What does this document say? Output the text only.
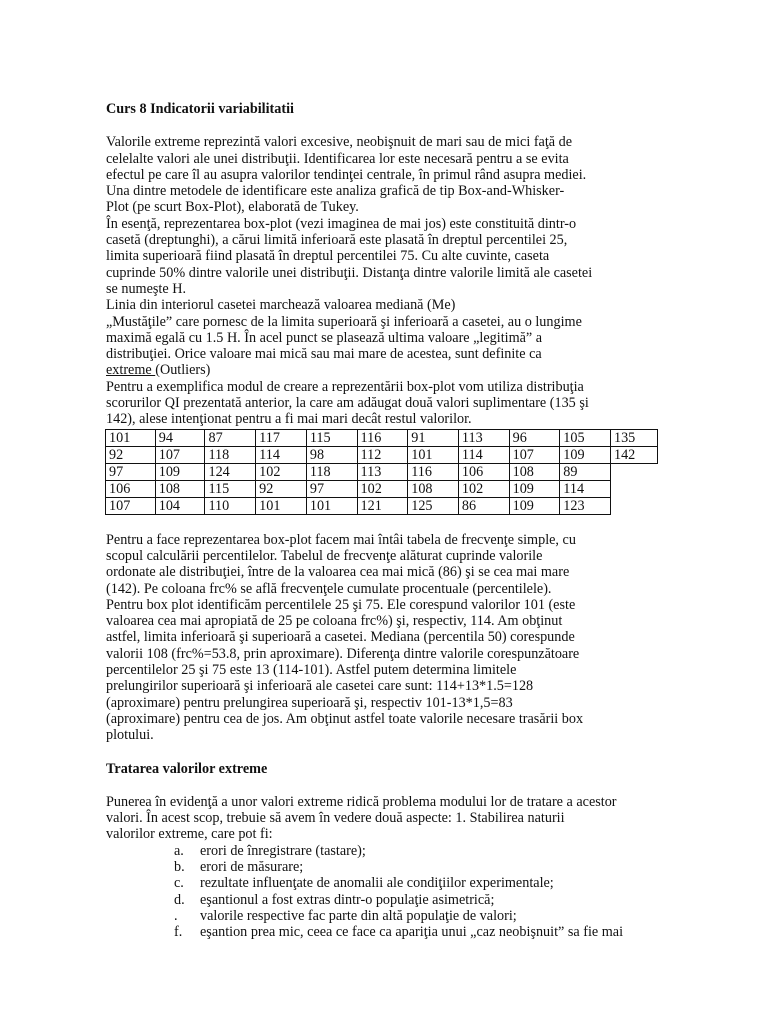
Curs 8 Indicatorii variabilitatii

Valorile extreme reprezintă valori excesive, neobişnuit de mari sau de mici faţă de

celelalte valori ale unei distribuţii. Identificarea lor este necesară pentru a se evita

efectul pe care îl au asupra valorilor tendinţei centrale, în primul rând asupra mediei.

Una dintre metodele de identificare este analiza grafică de tip Box-and-Whisker-

Plot (pe scurt Box-Plot), elaborată de Tukey.

În esenţă, reprezentarea box-plot (vezi imaginea de mai jos) este constituită dintr-o

casetă (dreptunghi), a cărui limită inferioară este plasată în dreptul percentilei 25,

limita superioară fiind plasată în dreptul percentilei 75. Cu alte cuvinte, caseta

cuprinde 50% dintre valorile unei distribuţii. Distanţa dintre valorile limită ale casetei

se numeşte H.

Linia din interiorul casetei marchează valoarea mediană (Me)

„Mustăţile” care pornesc de la limita superioară şi inferioară a casetei, au o lungime

maximă egală cu 1.5 H. În acel punct se plasează ultima valoare „legitimă” a

distribuţiei. Orice valoare mai mică sau mai mare de acestea, sunt definite ca

extreme (Outliers)

Pentru a exemplifica modul de creare a reprezentării box-plot vom utiliza distribuţia

scorurilor QI prezentată anterior, la care am adăugat două valori suplimentare (135 şi

142), alese intenţionat pentru a fi mai mari decât restul valorilor.

101	94	87	117	115	116	91	113	96	105	135
92	107	118	114	98	112	101	114	107	109	142
97	109	124	102	118	113	116	106	108	89	
106	108	115	92	97	102	108	102	109	114	
107	104	110	101	101	121	125	86	109	123	

Pentru a face reprezentarea box-plot facem mai întâi tabela de frecvenţe simple, cu

scopul calculării percentilelor. Tabelul de frecvenţe alăturat cuprinde valorile

ordonate ale distribuţiei, între de la valoarea cea mai mică (86) şi se cea mai mare

(142). Pe coloana frc% se află frecvenţele cumulate procentuale (percentilele).

Pentru box plot identificăm percentilele 25 şi 75. Ele corespund valorilor 101 (este

valoarea cea mai apropiată de 25 pe coloana frc%) şi, respectiv, 114. Am obţinut

astfel, limita inferioară şi superioară a casetei. Mediana (percentila 50) corespunde

valorii 108 (frc%=53.8, prin aproximare). Diferenţa dintre valorile corespunzătoare

percentilelor 25 şi 75 este 13 (114-101). Astfel putem determina limitele

prelungirilor superioară şi inferioară ale casetei care sunt: 114+13*1.5=128

(aproximare) pentru prelungirea superioară şi, respectiv 101-13*1,5=83

(aproximare) pentru cea de jos. Am obţinut astfel toate valorile necesare trasării box

plotului.

Tratarea valorilor extreme

Punerea în evidenţă a unor valori extreme ridică problema modului lor de tratare a acestor

valori. În acest scop, trebuie să avem în vedere două aspecte: 1. Stabilirea naturii

valorilor extreme, care pot fi:

a. erori de înregistrare (tastare);
b. erori de măsurare;
c. rezultate influenţate de anomalii ale condiţiilor experimentale;
d. eşantionul a fost extras dintr-o populaţie asimetrică;
. valorile respective fac parte din altă populaţie de valori;
f. eşantion prea mic, ceea ce face ca apariţia unui „caz neobişnuit” sa fie mai
